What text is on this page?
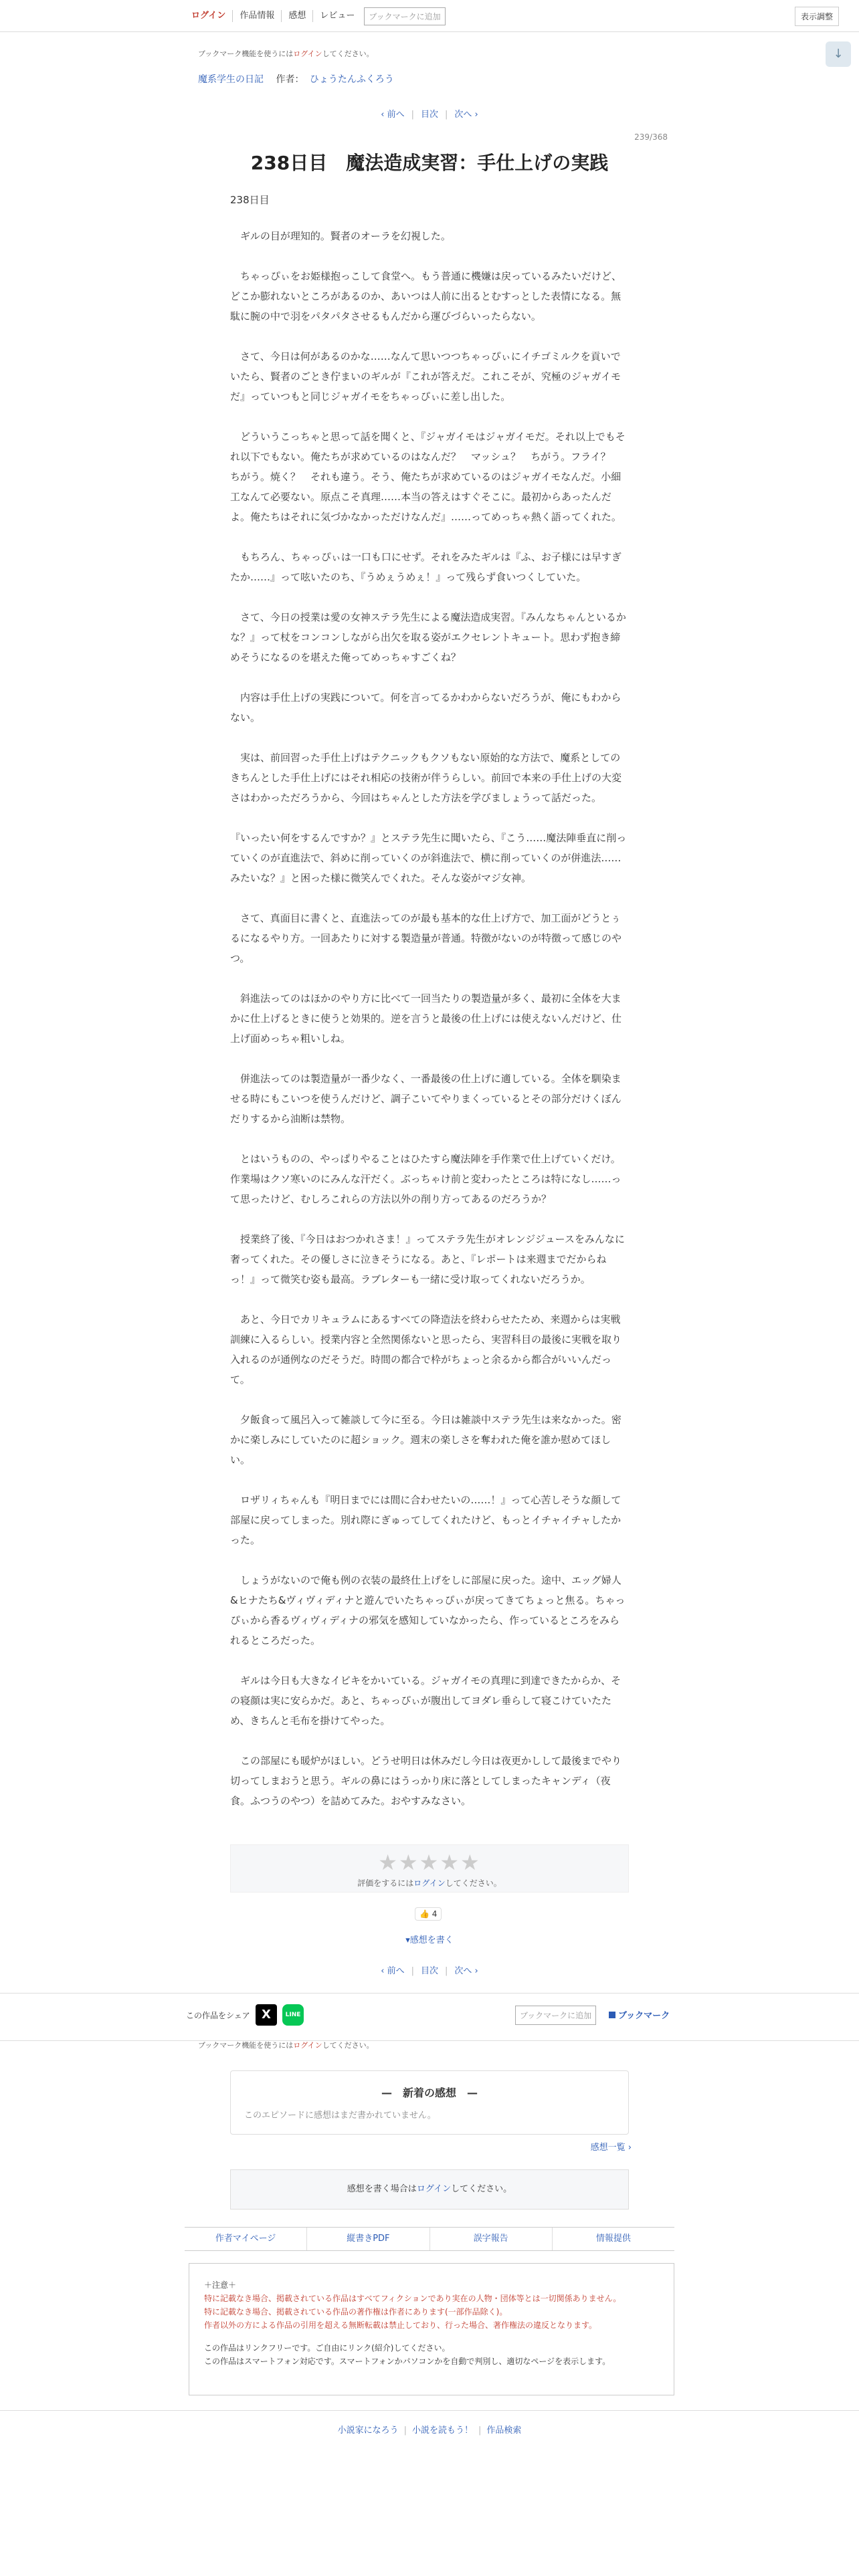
ログイン	作品情報	感想	レビュー	ブックマークに追加	表示調整
ブックマーク機能を使うにはログインしてください。	↓
魔系学生の日記 作者： ひょうたんふくろう
‹ 前へ | 目次 | 次へ ›
239/368
238日目　魔法造成実習：手仕上げの実践
238日目

　ギルの目が理知的。賢者のオーラを幻視した。

　ちゃっぴぃをお姫様抱っこして食堂へ。もう普通に機嫌は戻っているみたいだけど、どこか膨れないところがあるのか、あいつは人前に出るとむすっとした表情になる。無駄に腕の中で羽をパタパタさせるもんだから運びづらいったらない。

　さて、今日は何があるのかな……なんて思いつつちゃっぴぃにイチゴミルクを貢いでいたら、賢者のごとき佇まいのギルが『これが答えだ。これこそが、究極のジャガイモだ』っていつもと同じジャガイモをちゃっぴぃに差し出した。

　どういうこっちゃと思って話を聞くと、『ジャガイモはジャガイモだ。それ以上でもそれ以下でもない。俺たちが求めているのはなんだ？　マッシュ？　ちがう。フライ？　ちがう。焼く？　それも違う。そう、俺たちが求めているのはジャガイモなんだ。小細工なんて必要ない。原点こそ真理……本当の答えはすぐそこに。最初からあったんだよ。俺たちはそれに気づかなかっただけなんだ』……ってめっちゃ熱く語ってくれた。

　もちろん、ちゃっぴぃは一口も口にせず。それをみたギルは『ふ、お子様には早すぎたか……』って呟いたのち、『うめぇうめぇ！』って残らず食いつくしていた。

　さて、今日の授業は愛の女神ステラ先生による魔法造成実習。『みんなちゃんといるかな？』って杖をコンコンしながら出欠を取る姿がエクセレントキュート。思わず抱き締めそうになるのを堪えた俺ってめっちゃすごくね？

　内容は手仕上げの実践について。何を言ってるかわからないだろうが、俺にもわからない。

　実は、前回習った手仕上げはテクニックもクソもない原始的な方法で、魔系としてのきちんとした手仕上げにはそれ相応の技術が伴うらしい。前回で本来の手仕上げの大変さはわかっただろうから、今回はちゃんとした方法を学びましょうって話だった。

『いったい何をするんですか？』とステラ先生に聞いたら、『こう……魔法陣垂直に削っていくのが直進法で、斜めに削っていくのが斜進法で、横に削っていくのが併進法……みたいな？』と困った様に微笑んでくれた。そんな姿がマジ女神。

　さて、真面目に書くと、直進法ってのが最も基本的な仕上げ方で、加工面がどうとぅるになるやり方。一回あたりに対する製造量が普通。特徴がないのが特徴って感じのやつ。

　斜進法ってのはほかのやり方に比べて一回当たりの製造量が多く、最初に全体を大まかに仕上げるときに使うと効果的。逆を言うと最後の仕上げには使えないんだけど、仕上げ面めっちゃ粗いしね。

　併進法ってのは製造量が一番少なく、一番最後の仕上げに適している。全体を馴染ませる時にもこいつを使うんだけど、調子こいてやりまくっているとその部分だけくぼんだりするから油断は禁物。

　とはいうものの、やっぱりやることはひたすら魔法陣を手作業で仕上げていくだけ。作業場はクソ寒いのにみんな汗だく。ぶっちゃけ前と変わったところは特になし……って思ったけど、むしろこれらの方法以外の削り方ってあるのだろうか？

　授業終了後、『今日はおつかれさま！』ってステラ先生がオレンジジュースをみんなに奢ってくれた。その優しさに泣きそうになる。あと、『レポートは来週までだからねっ！』って微笑む姿も最高。ラブレターも一緒に受け取ってくれないだろうか。

　あと、今日でカリキュラムにあるすべての降造法を終わらせたため、来週からは実戦訓練に入るらしい。授業内容と全然関係ないと思ったら、実習科目の最後に実戦を取り入れるのが通例なのだそうだ。時間の都合で枠がちょっと余るから都合がいいんだって。

　夕飯食って風呂入って雑談して今に至る。今日は雑談中ステラ先生は来なかった。密かに楽しみにしていたのに超ショック。週末の楽しさを奪われた俺を誰か慰めてほしい。

　ロザリィちゃんも『明日までには間に合わせたいの……！』って心苦しそうな顔して部屋に戻ってしまった。別れ際にぎゅってしてくれたけど、もっとイチャイチャしたかった。

　しょうがないので俺も例の衣装の最終仕上げをしに部屋に戻った。途中、エッグ婦人&ヒナたち&ヴィヴィディナと遊んでいたちゃっぴぃが戻ってきてちょっと焦る。ちゃっぴぃから香るヴィヴィディナの邪気を感知していなかったら、作っているところをみられるところだった。

　ギルは今日も大きなイビキをかいている。ジャガイモの真理に到達できたからか、その寝顔は実に安らかだ。あと、ちゃっぴぃが腹出してヨダレ垂らして寝こけていたため、きちんと毛布を掛けてやった。

　この部屋にも暖炉がほしい。どうせ明日は休みだし今日は夜更かしして最後までやり切ってしまおうと思う。ギルの鼻にはうっかり床に落としてしまったキャンディ（夜食。ふつうのやつ）を詰めてみた。おやすみなさい。

★★★★★
評価をするにはログインしてください。
👍 4
▾感想を書く
‹ 前へ | 目次 | 次へ ›
この作品をシェア X	LINE	ブックマークに追加	ブックマーク
ブックマーク機能を使うにはログインしてください。
—　新着の感想　—
このエピソードに感想はまだ書かれていません。
感想一覧 ›
感想を書く場合はログインしてください。
作者マイページ	縦書きPDF	誤字報告	情報提供
＋注意＋
特に記載なき場合、掲載されている作品はすべてフィクションであり実在の人物・団体等とは一切関係ありません。
特に記載なき場合、掲載されている作品の著作権は作者にあります(一部作品除く)。
作者以外の方による作品の引用を超える無断転載は禁止しており、行った場合、著作権法の違反となります。
この作品はリンクフリーです。ご自由にリンク(紹介)してください。
この作品はスマートフォン対応です。スマートフォンかパソコンかを自動で判別し、適切なページを表示します。
小説家になろう | 小説を読もう！ | 作品検索
